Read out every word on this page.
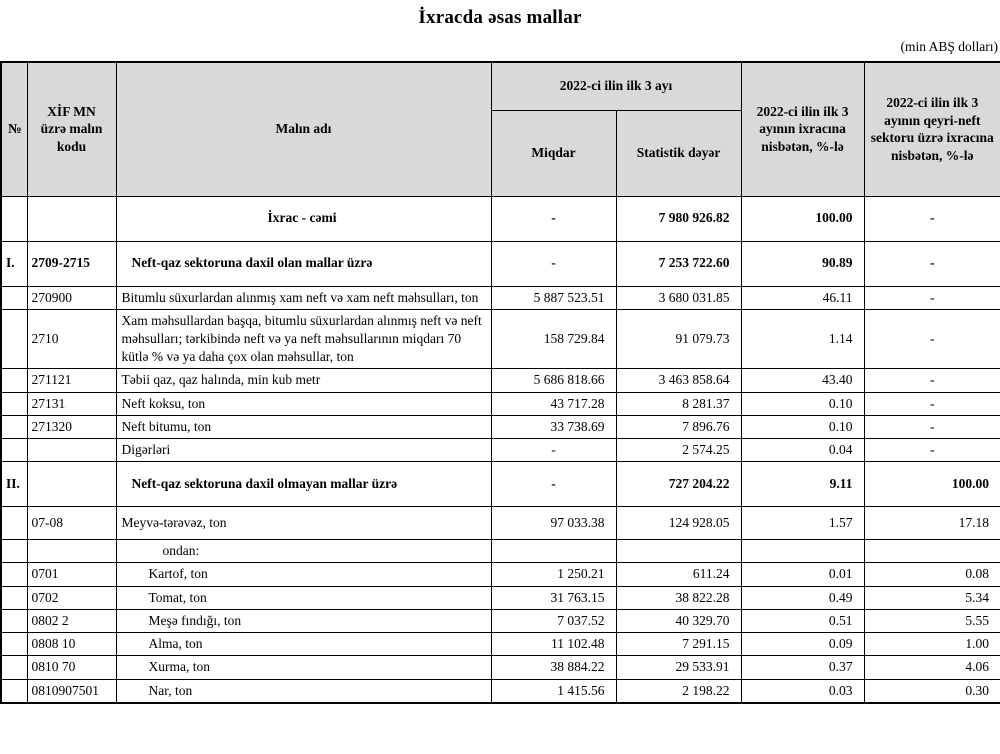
İxracda əsas mallar
(min ABŞ dolları)
№	XİF MN üzrə malın kodu	Malın adı	2022-ci ilin ilk 3 ayı		2022-ci ilin ilk 3 ayının ixracına nisbətən, %-lə	2022-ci ilin ilk 3 ayının qeyri-neft sektoru üzrə ixracına nisbətən, %-lə
			Miqdar	Statistik dəyər		
		İxrac - cəmi	-	7 980 926.82	100.00	-
I.	2709-2715	Neft-qaz sektoruna daxil olan mallar üzrə	-	7 253 722.60	90.89	-
	270900	Bitumlu süxurlardan alınmış xam neft və xam neft məhsulları, ton	5 887 523.51	3 680 031.85	46.11	-
	2710	Xam məhsullardan başqa, bitumlu süxurlardan alınmış neft və neft məhsulları; tərkibində neft və ya neft məhsullarının miqdarı 70 kütlə % və ya daha çox olan məhsullar, ton	158 729.84	91 079.73	1.14	-
	271121	Təbii qaz, qaz halında, min kub metr	5 686 818.66	3 463 858.64	43.40	-
	27131	Neft koksu, ton	43 717.28	8 281.37	0.10	-
	271320	Neft bitumu, ton	33 738.69	7 896.76	0.10	-
		Digərləri	-	2 574.25	0.04	-
II.		Neft-qaz sektoruna daxil olmayan mallar üzrə	-	727 204.22	9.11	100.00
	07-08	Meyvə-tərəvəz, ton	97 033.38	124 928.05	1.57	17.18
		ondan:				
	0701	Kartof, ton	1 250.21	611.24	0.01	0.08
	0702	Tomat, ton	31 763.15	38 822.28	0.49	5.34
	0802 2	Meşə fındığı, ton	7 037.52	40 329.70	0.51	5.55
	0808 10	Alma, ton	11 102.48	7 291.15	0.09	1.00
	0810 70	Xurma, ton	38 884.22	29 533.91	0.37	4.06
	0810907501	Nar, ton	1 415.56	2 198.22	0.03	0.30
